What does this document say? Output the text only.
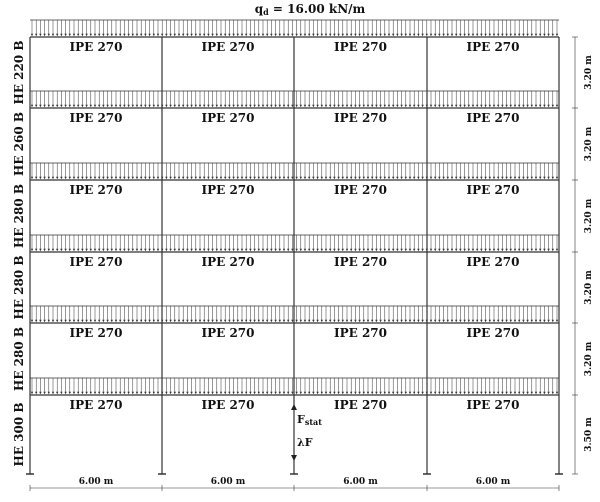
IPE 270	IPE 270	IPE 270	IPE 270
IPE 270	IPE 270	IPE 270	IPE 270
IPE 270	IPE 270	IPE 270	IPE 270
IPE 270	IPE 270	IPE 270	IPE 270
IPE 270	IPE 270	IPE 270	IPE 270
IPE 270	IPE 270	IPE 270	IPE 270
HE 220 B
HE 260 B
HE 280 B
HE 280 B
HE 280 B
HE 300 B
3.20 m
3.20 m
3.20 m
3.20 m
3.20 m
3.50 m
6.00 m	6.00 m	6.00 m	6.00 m
qd = 16.00 kN/m
Fstat
λF
